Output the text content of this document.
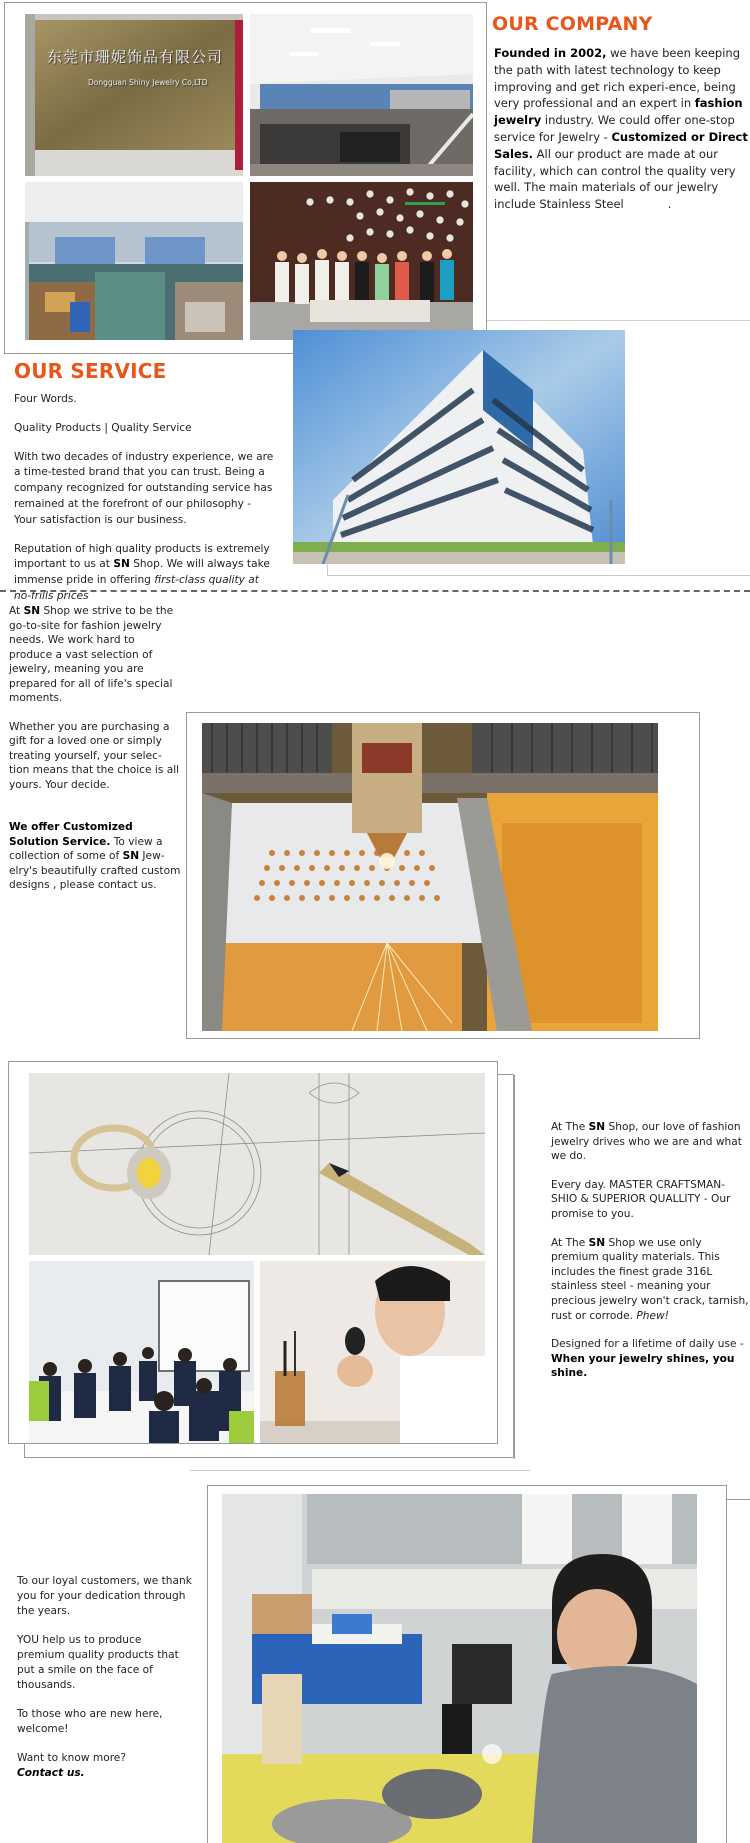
东莞市珊妮饰品有限公司
Dongguan Shiny Jewelry Co,LTD
OUR COMPANY
Founded in 2002, we have been keeping the path with latest technology to keep improving and get rich experi-ence, being very professional and an expert in fashion jewelry industry. We could offer one-stop service for Jewelry - Customized or Direct Sales. All our product are made at our facility, which can control the quality very well. The main materials of our jewelry include Stainless Steel	.
OUR SERVICE

Four Words.

Quality Products | Quality Service

With two decades of industry experience, we are a time-tested brand that you can trust. Being a company recognized for outstanding service has remained at the forefront of our philosophy - Your satisfaction is our business.

Reputation of high quality products is extremely important to us at SN Shop. We will always take immense pride in offering first-class quality at no-frills prices

At SN Shop we strive to be the go-to-site for fashion jewelry needs. We work hard to produce a vast selection of jewelry, meaning you are prepared for all of life's special moments.

Whether you are purchasing a gift for a loved one or simply treating yourself, your selec-tion means that the choice is all yours. Your decide.

We offer Customized Solution Service. To view a collection of some of SN Jew-elry's beautifully crafted custom designs , please contact us.

At The SN Shop, our love of fashion jewelry drives who we are and what we do.

Every day. MASTER CRAFTSMAN-SHIO & SUPERIOR QUALLITY - Our promise to you.

At The SN Shop we use only premium quality materials. This includes the finest grade 316L stainless steel - meaning your precious jewelry won't crack, tarnish, rust or corrode. Phew!

Designed for a lifetime of daily use - When your jewelry shines, you shine.

To our loyal customers, we thank you for your dedication through the years.

YOU help us to produce premium quality products that put a smile on the face of thousands.

To those who are new here, welcome!

Want to know more?
Contact us.
